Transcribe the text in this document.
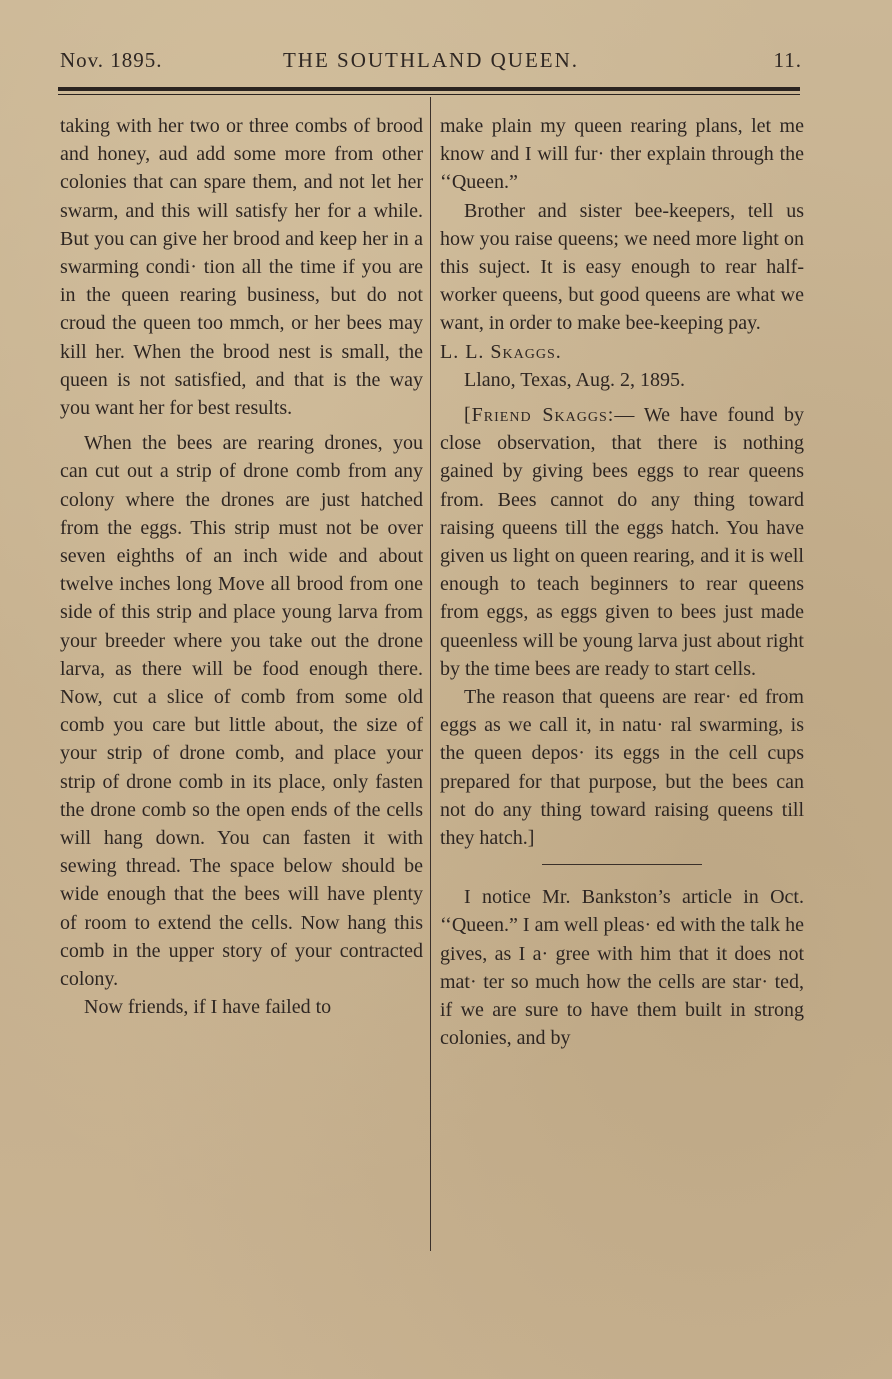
THE SOUTHLAND QUEEN.
Nov. 1895.	11.

taking with her two or three combs of brood and honey, aud add some more from other colonies that can spare them, and not let her swarm, and this will satisfy her for a while. But you can give her brood and keep her in a swarming condi· tion all the time if you are in the queen rearing business, but do not croud the queen too mmch, or her bees may kill her. When the brood nest is small, the queen is not satisfied, and that is the way you want her for best results.

When the bees are rearing drones, you can cut out a strip of drone comb from any colony where the drones are just hatched from the eggs. This strip must not be over seven eighths of an inch wide and about twelve inches long Move all brood from one side of this strip and place young larva from your breeder where you take out the drone larva, as there will be food enough there. Now, cut a slice of comb from some old comb you care but little about, the size of your strip of drone comb, and place your strip of drone comb in its place, only fasten the drone comb so the open ends of the cells will hang down. You can fasten it with sewing thread. The space below should be wide enough that the bees will have plenty of room to extend the cells. Now hang this comb in the upper story of your contracted colony.

Now friends, if I have failed to

make plain my queen rearing plans, let me know and I will fur· ther explain through the ‘‘Queen.”

Brother and sister bee-keepers, tell us how you raise queens; we need more light on this suject. It is easy enough to rear half-worker queens, but good queens are what we want, in order to make bee-keeping pay.

L. L. Skaggs.

Llano, Texas, Aug. 2, 1895.

[Friend Skaggs:— We have found by close observation, that there is nothing gained by giving bees eggs to rear queens from. Bees cannot do any thing toward raising queens till the eggs hatch. You have given us light on queen rearing, and it is well enough to teach beginners to rear queens from eggs, as eggs given to bees just made queenless will be young larva just about right by the time bees are ready to start cells.

The reason that queens are rear· ed from eggs as we call it, in natu· ral swarming, is the queen depos· its eggs in the cell cups prepared for that purpose, but the bees can not do any thing toward raising queens till they hatch.]

I notice Mr. Bankston’s article in Oct. ‘‘Queen.” I am well pleas· ed with the talk he gives, as I a· gree with him that it does not mat· ter so much how the cells are star· ted, if we are sure to have them built in strong colonies, and by
